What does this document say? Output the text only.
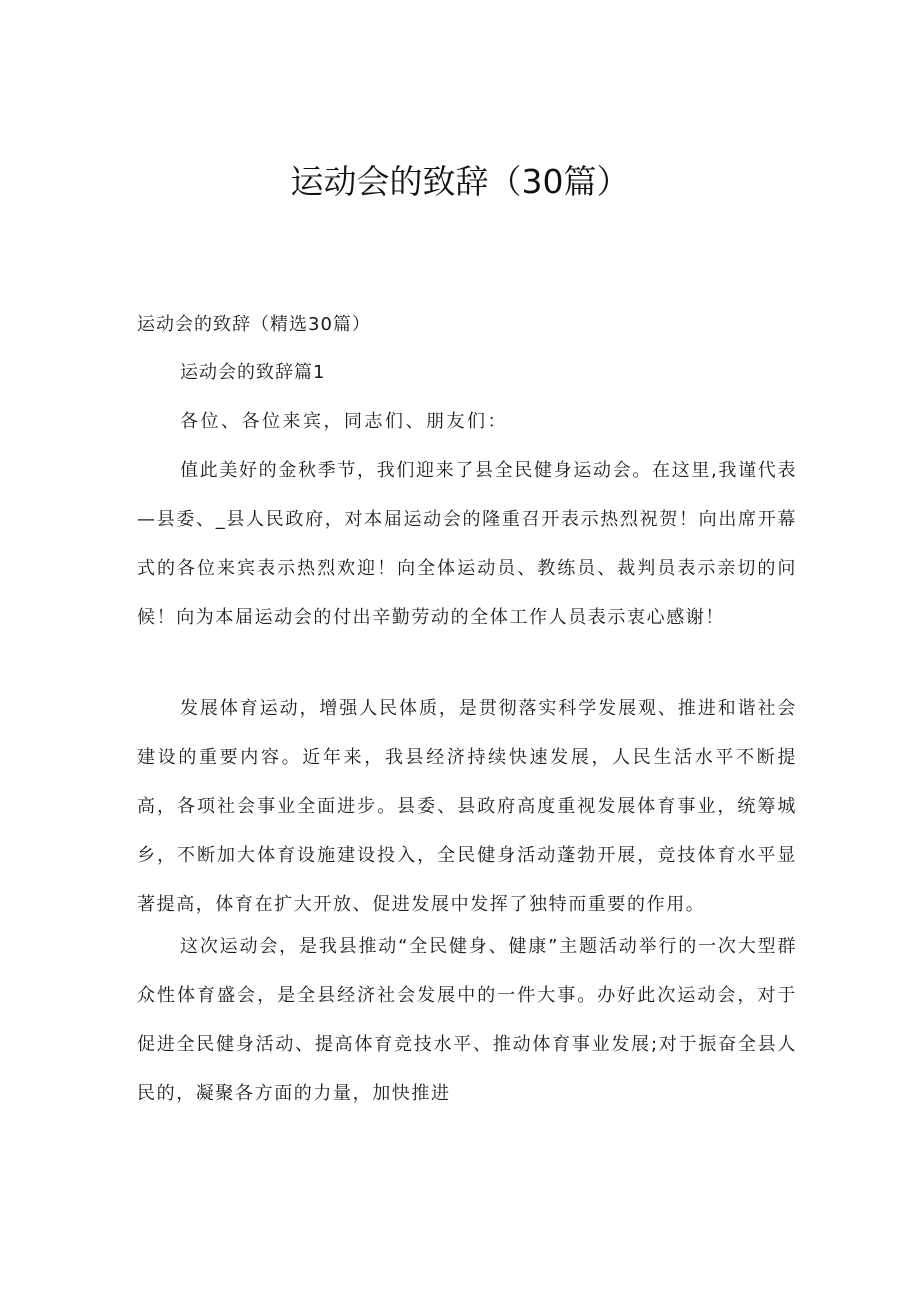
运动会的致辞（30篇）

运动会的致辞（精选30篇）

运动会的致辞篇1

各位、各位来宾，同志们、朋友们：

值此美好的金秋季节，我们迎来了县全民健身运动会。在这里,我谨代表—县委、_县人民政府，对本届运动会的隆重召开表示热烈祝贺！向出席开幕式的各位来宾表示热烈欢迎！向全体运动员、教练员、裁判员表示亲切的问候！向为本届运动会的付出辛勤劳动的全体工作人员表示衷心感谢！

发展体育运动，增强人民体质，是贯彻落实科学发展观、推进和谐社会建设的重要内容。近年来，我县经济持续快速发展，人民生活水平不断提高，各项社会事业全面进步。县委、县政府高度重视发展体育事业，统筹城乡，不断加大体育设施建设投入，全民健身活动蓬勃开展，竞技体育水平显著提高，体育在扩大开放、促进发展中发挥了独特而重要的作用。

这次运动会，是我县推动“全民健身、健康”主题活动举行的一次大型群众性体育盛会，是全县经济社会发展中的一件大事。办好此次运动会，对于促进全民健身活动、提高体育竞技水平、推动体育事业发展;对于振奋全县人民的，凝聚各方面的力量，加快推进
